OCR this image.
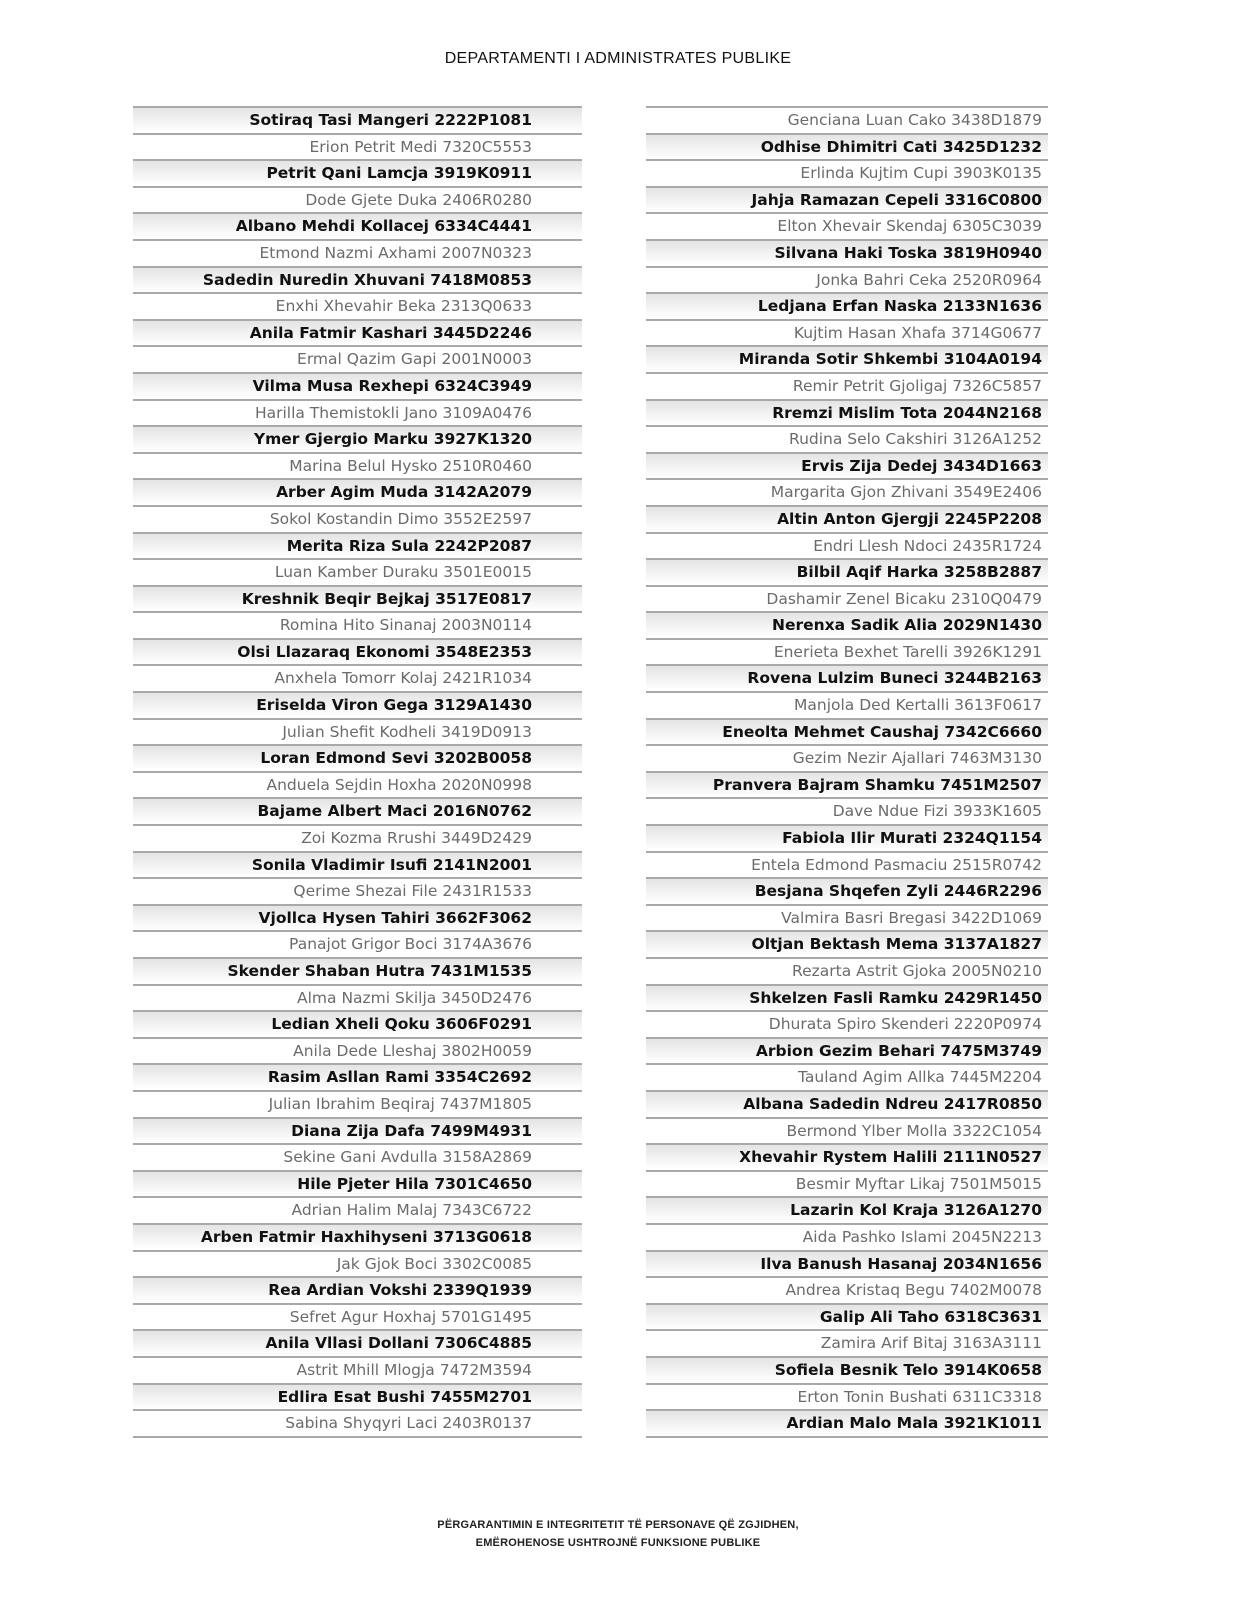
DEPARTAMENTI I ADMINISTRATES PUBLIKE
Sotiraq Tasi Mangeri 2222P1081
Erion Petrit Medi 7320C5553
Petrit Qani Lamcja 3919K0911
Dode Gjete Duka 2406R0280
Albano Mehdi Kollacej 6334C4441
Etmond Nazmi Axhami 2007N0323
Sadedin Nuredin Xhuvani 7418M0853
Enxhi Xhevahir Beka 2313Q0633
Anila Fatmir Kashari 3445D2246
Ermal Qazim Gapi 2001N0003
Vilma Musa Rexhepi 6324C3949
Harilla Themistokli Jano 3109A0476
Ymer Gjergio Marku 3927K1320
Marina Belul Hysko 2510R0460
Arber Agim Muda 3142A2079
Sokol Kostandin Dimo 3552E2597
Merita Riza Sula 2242P2087
Luan Kamber Duraku 3501E0015
Kreshnik Beqir Bejkaj 3517E0817
Romina Hito Sinanaj 2003N0114
Olsi Llazaraq Ekonomi 3548E2353
Anxhela Tomorr Kolaj 2421R1034
Eriselda Viron Gega 3129A1430
Julian Shefit Kodheli 3419D0913
Loran Edmond Sevi 3202B0058
Anduela Sejdin Hoxha 2020N0998
Bajame Albert Maci 2016N0762
Zoi Kozma Rrushi 3449D2429
Sonila Vladimir Isufi 2141N2001
Qerime Shezai File 2431R1533
Vjollca Hysen Tahiri 3662F3062
Panajot Grigor Boci 3174A3676
Skender Shaban Hutra 7431M1535
Alma Nazmi Skilja 3450D2476
Ledian Xheli Qoku 3606F0291
Anila Dede Lleshaj 3802H0059
Rasim Asllan Rami 3354C2692
Julian Ibrahim Beqiraj 7437M1805
Diana Zija Dafa 7499M4931
Sekine Gani Avdulla 3158A2869
Hile Pjeter Hila 7301C4650
Adrian Halim Malaj 7343C6722
Arben Fatmir Haxhihyseni 3713G0618
Jak Gjok Boci 3302C0085
Rea Ardian Vokshi 2339Q1939
Sefret Agur Hoxhaj 5701G1495
Anila Vllasi Dollani 7306C4885
Astrit Mhill Mlogja 7472M3594
Edlira Esat Bushi 7455M2701
Sabina Shyqyri Laci 2403R0137
Genciana Luan Cako 3438D1879
Odhise Dhimitri Cati 3425D1232
Erlinda Kujtim Cupi 3903K0135
Jahja Ramazan Cepeli 3316C0800
Elton Xhevair Skendaj 6305C3039
Silvana Haki Toska 3819H0940
Jonka Bahri Ceka 2520R0964
Ledjana Erfan Naska 2133N1636
Kujtim Hasan Xhafa 3714G0677
Miranda Sotir Shkembi 3104A0194
Remir Petrit Gjoligaj 7326C5857
Rremzi Mislim Tota 2044N2168
Rudina Selo Cakshiri 3126A1252
Ervis Zija Dedej 3434D1663
Margarita Gjon Zhivani 3549E2406
Altin Anton Gjergji 2245P2208
Endri Llesh Ndoci 2435R1724
Bilbil Aqif Harka 3258B2887
Dashamir Zenel Bicaku 2310Q0479
Nerenxa Sadik Alia 2029N1430
Enerieta Bexhet Tarelli 3926K1291
Rovena Lulzim Buneci 3244B2163
Manjola Ded Kertalli 3613F0617
Eneolta Mehmet Caushaj 7342C6660
Gezim Nezir Ajallari 7463M3130
Pranvera Bajram Shamku 7451M2507
Dave Ndue Fizi 3933K1605
Fabiola Ilir Murati 2324Q1154
Entela Edmond Pasmaciu 2515R0742
Besjana Shqefen Zyli 2446R2296
Valmira Basri Bregasi 3422D1069
Oltjan Bektash Mema 3137A1827
Rezarta Astrit Gjoka 2005N0210
Shkelzen Fasli Ramku 2429R1450
Dhurata Spiro Skenderi 2220P0974
Arbion Gezim Behari 7475M3749
Tauland Agim Allka 7445M2204
Albana Sadedin Ndreu 2417R0850
Bermond Ylber Molla 3322C1054
Xhevahir Rystem Halili 2111N0527
Besmir Myftar Likaj 7501M5015
Lazarin Kol Kraja 3126A1270
Aida Pashko Islami 2045N2213
Ilva Banush Hasanaj 2034N1656
Andrea Kristaq Begu 7402M0078
Galip Ali Taho 6318C3631
Zamira Arif Bitaj 3163A3111
Sofiela Besnik Telo 3914K0658
Erton Tonin Bushati 6311C3318
Ardian Malo Mala 3921K1011
PËRGARANTIMIN E INTEGRITETIT TË PERSONAVE QË ZGJIDHEN,
EMËROHENOSE USHTROJNË FUNKSIONE PUBLIKE
